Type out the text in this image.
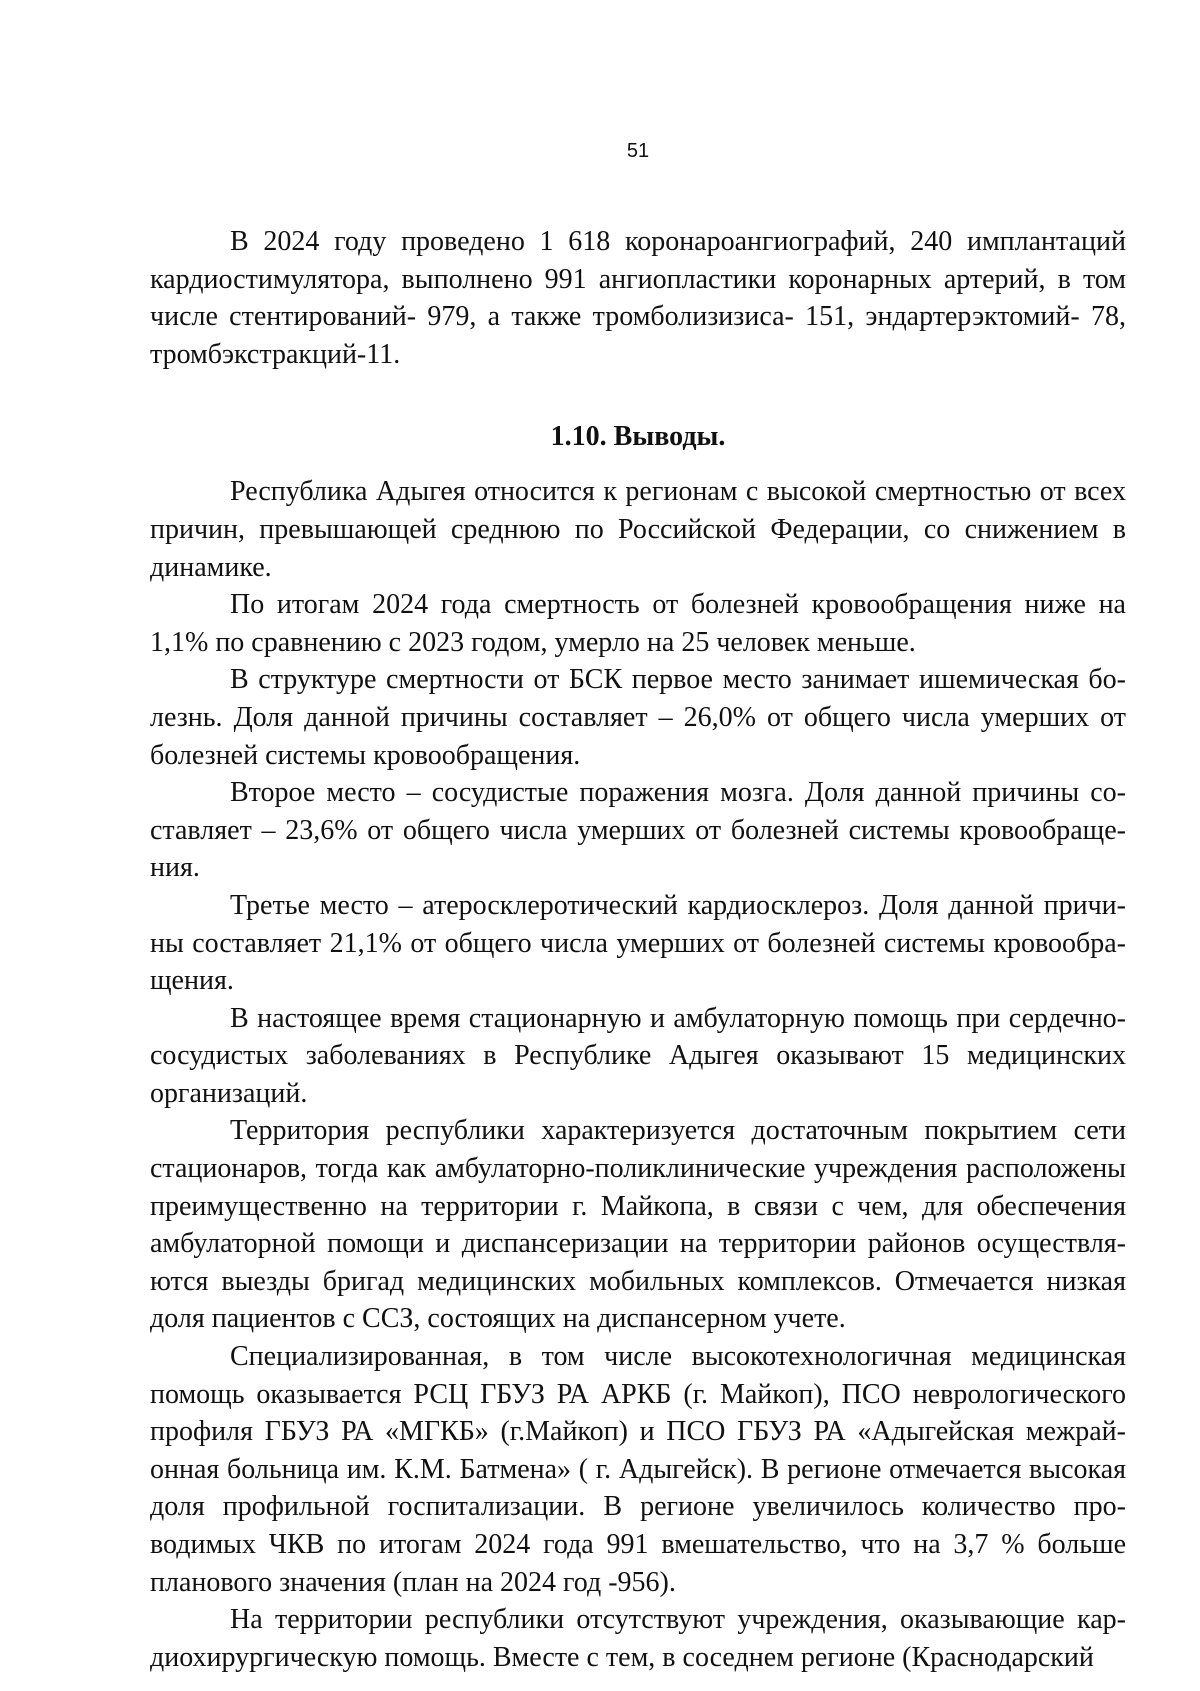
51

В 2024 году проведено 1 618 коронароангиографий, 240 имплантаций кардиостимулятора, выполнено 991 ангиопластики коронарных артерий, в том числе стентирований- 979, а также тромболизизиса- 151, эндартерэктомий- 78, тромбэкстракций-11.

1.10. Выводы.

Республика Адыгея относится к регионам с высокой смертностью от всех причин, превышающей среднюю по Российской Федерации, со снижением в динамике.

По итогам 2024 года смертность от болезней кровообращения ниже на 1,1% по сравнению с 2023 годом, умерло на 25 человек меньше.

В структуре смертности от БСК первое место занимает ишемическая болезнь. Доля данной причины составляет – 26,0% от общего числа умерших от болезней системы кровообращения.

Второе место – сосудистые поражения мозга. Доля данной причины составляет – 23,6% от общего числа умерших от болезней системы кровообращения.

Третье место – атеросклеротический кардиосклероз. Доля данной причины составляет 21,1% от общего числа умерших от болезней системы кровообращения.

В настоящее время стационарную и амбулаторную помощь при сердечно-сосудистых заболеваниях в Республике Адыгея оказывают 15 медицинских организаций.

Территория республики характеризуется достаточным покрытием сети стационаров, тогда как амбулаторно-поликлинические учреждения расположены преимущественно на территории г. Майкопа, в связи с чем, для обеспечения амбулаторной помощи и диспансеризации на территории районов осуществляются выезды бригад медицинских мобильных комплексов. Отмечается низкая доля пациентов с ССЗ, состоящих на диспансерном учете.

Специализированная, в том числе высокотехнологичная медицинская помощь оказывается РСЦ ГБУЗ РА АРКБ (г. Майкоп), ПСО неврологического профиля ГБУЗ РА «МГКБ» (г.Майкоп) и ПСО ГБУЗ РА «Адыгейская межрайонная больница им. К.М. Батмена» ( г. Адыгейск). В регионе отмечается высокая доля профильной госпитализации. В регионе увеличилось количество проводимых ЧКВ по итогам 2024 года 991 вмешательство, что на 3,7 % больше планового значения (план на 2024 год -956).

На территории республики отсутствуют учреждения, оказывающие кардиохирургическую помощь. Вместе с тем, в соседнем регионе (Краснодарский
